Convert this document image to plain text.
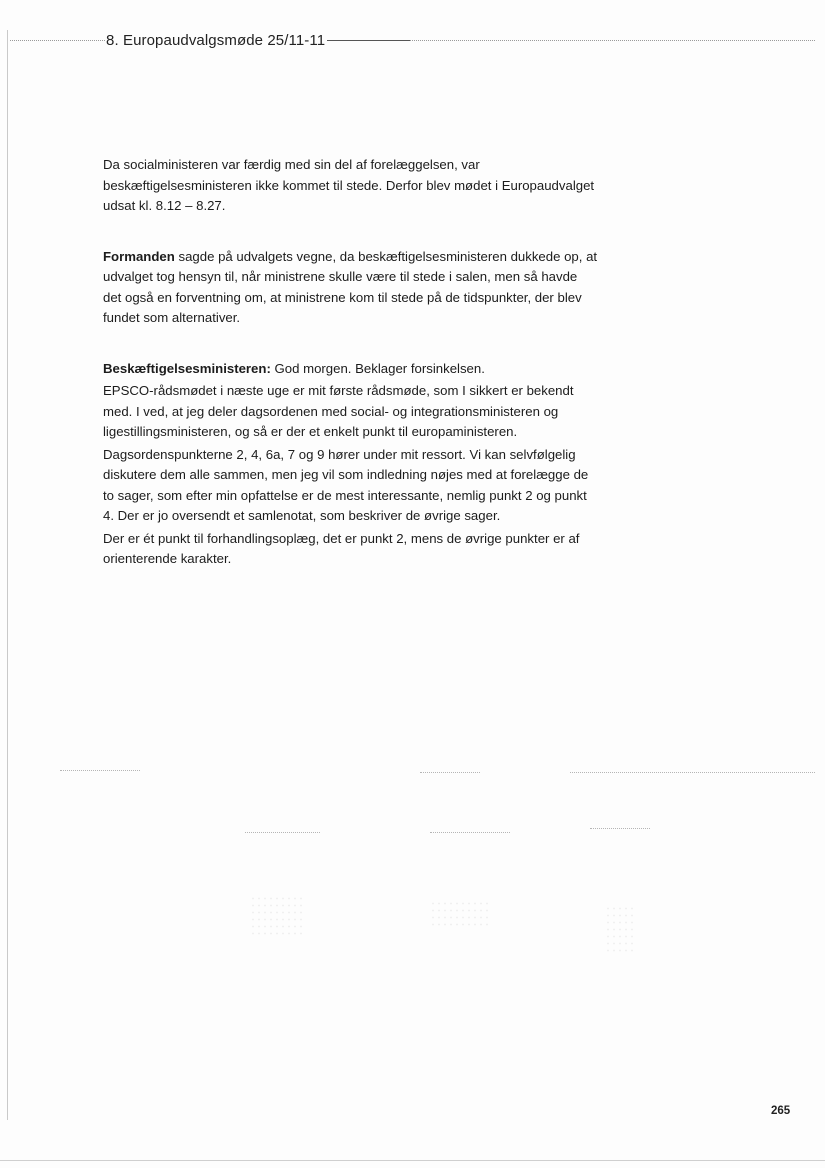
8. Europaudvalgsmøde 25/11-11

Da socialministeren var færdig med sin del af forelæggelsen, var beskæftigelsesministeren ikke kommet til stede. Derfor blev mødet i Europaudvalget udsat kl. 8.12 – 8.27.

Formanden sagde på udvalgets vegne, da beskæftigelsesministeren dukkede op, at udvalget tog hensyn til, når ministrene skulle være til stede i salen, men så havde det også en forventning om, at ministrene kom til stede på de tidspunkter, der blev fundet som alternativer.

Beskæftigelsesministeren: God morgen. Beklager forsinkelsen.

EPSCO-rådsmødet i næste uge er mit første rådsmøde, som I sikkert er bekendt med. I ved, at jeg deler dagsordenen med social- og integrationsministeren og ligestillingsministeren, og så er der et enkelt punkt til europaministeren.

Dagsordenspunkterne 2, 4, 6a, 7 og 9 hører under mit ressort. Vi kan selvfølgelig diskutere dem alle sammen, men jeg vil som indledning nøjes med at forelægge de to sager, som efter min opfattelse er de mest interessante, nemlig punkt 2 og punkt 4. Der er jo oversendt et samlenotat, som beskriver de øvrige sager.

Der er ét punkt til forhandlingsoplæg, det er punkt 2, mens de øvrige punkter er af orienterende karakter.

265
